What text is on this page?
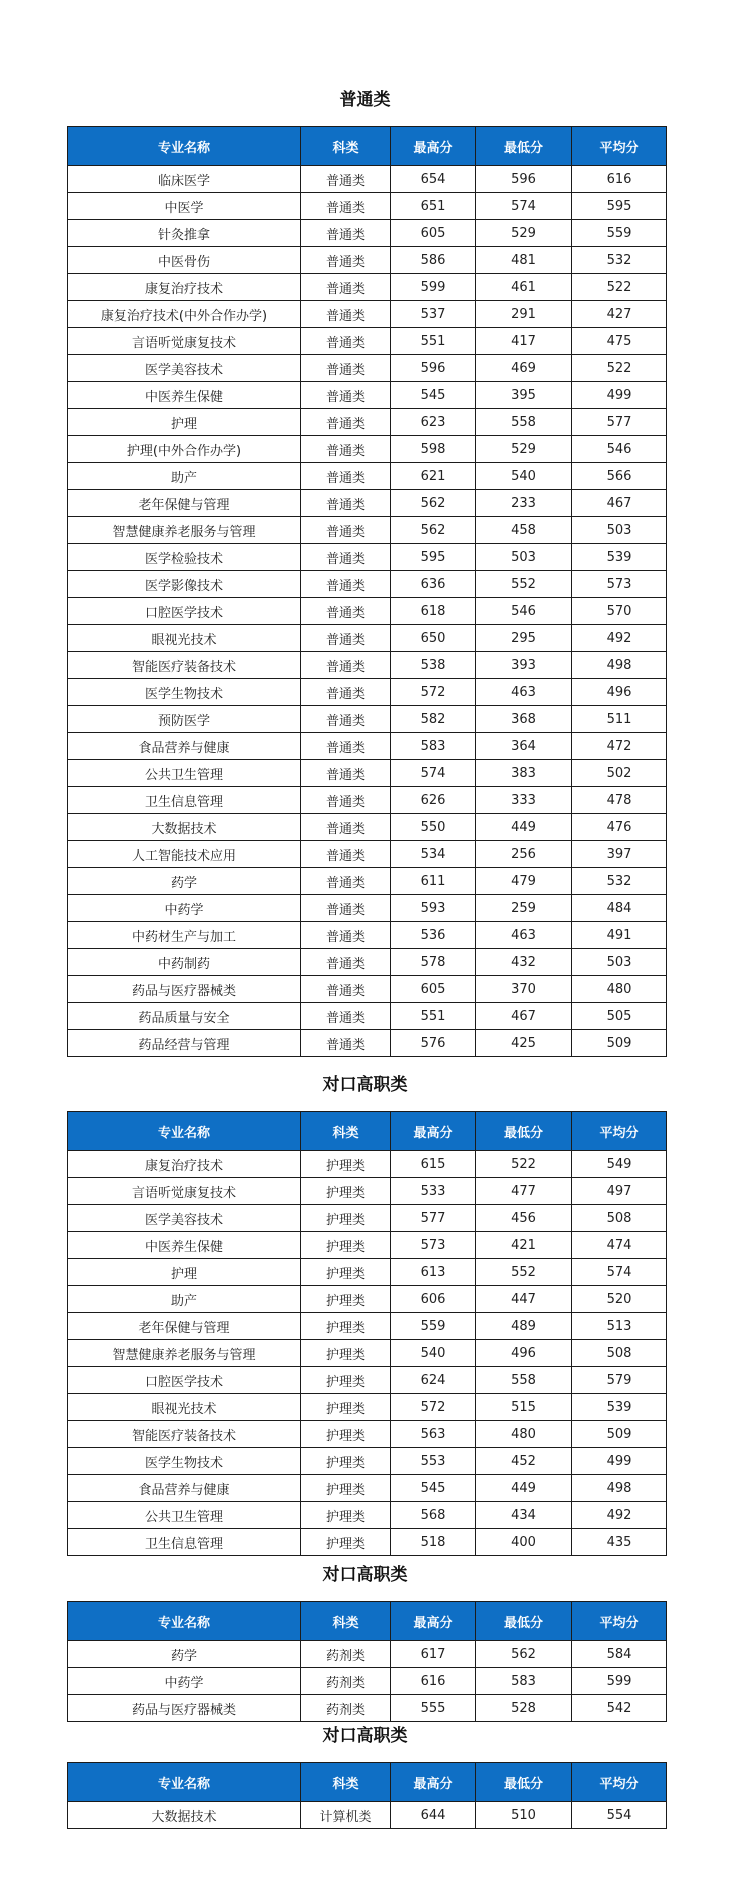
普通类
专业名称	科类	最高分	最低分	平均分
临床医学	普通类	654	596	616
中医学	普通类	651	574	595
针灸推拿	普通类	605	529	559
中医骨伤	普通类	586	481	532
康复治疗技术	普通类	599	461	522
康复治疗技术(中外合作办学)	普通类	537	291	427
言语听觉康复技术	普通类	551	417	475
医学美容技术	普通类	596	469	522
中医养生保健	普通类	545	395	499
护理	普通类	623	558	577
护理(中外合作办学)	普通类	598	529	546
助产	普通类	621	540	566
老年保健与管理	普通类	562	233	467
智慧健康养老服务与管理	普通类	562	458	503
医学检验技术	普通类	595	503	539
医学影像技术	普通类	636	552	573
口腔医学技术	普通类	618	546	570
眼视光技术	普通类	650	295	492
智能医疗装备技术	普通类	538	393	498
医学生物技术	普通类	572	463	496
预防医学	普通类	582	368	511
食品营养与健康	普通类	583	364	472
公共卫生管理	普通类	574	383	502
卫生信息管理	普通类	626	333	478
大数据技术	普通类	550	449	476
人工智能技术应用	普通类	534	256	397
药学	普通类	611	479	532
中药学	普通类	593	259	484
中药材生产与加工	普通类	536	463	491
中药制药	普通类	578	432	503
药品与医疗器械类	普通类	605	370	480
药品质量与安全	普通类	551	467	505
药品经营与管理	普通类	576	425	509
对口高职类
专业名称	科类	最高分	最低分	平均分
康复治疗技术	护理类	615	522	549
言语听觉康复技术	护理类	533	477	497
医学美容技术	护理类	577	456	508
中医养生保健	护理类	573	421	474
护理	护理类	613	552	574
助产	护理类	606	447	520
老年保健与管理	护理类	559	489	513
智慧健康养老服务与管理	护理类	540	496	508
口腔医学技术	护理类	624	558	579
眼视光技术	护理类	572	515	539
智能医疗装备技术	护理类	563	480	509
医学生物技术	护理类	553	452	499
食品营养与健康	护理类	545	449	498
公共卫生管理	护理类	568	434	492
卫生信息管理	护理类	518	400	435
对口高职类
专业名称	科类	最高分	最低分	平均分
药学	药剂类	617	562	584
中药学	药剂类	616	583	599
药品与医疗器械类	药剂类	555	528	542
对口高职类
专业名称	科类	最高分	最低分	平均分
大数据技术	计算机类	644	510	554
